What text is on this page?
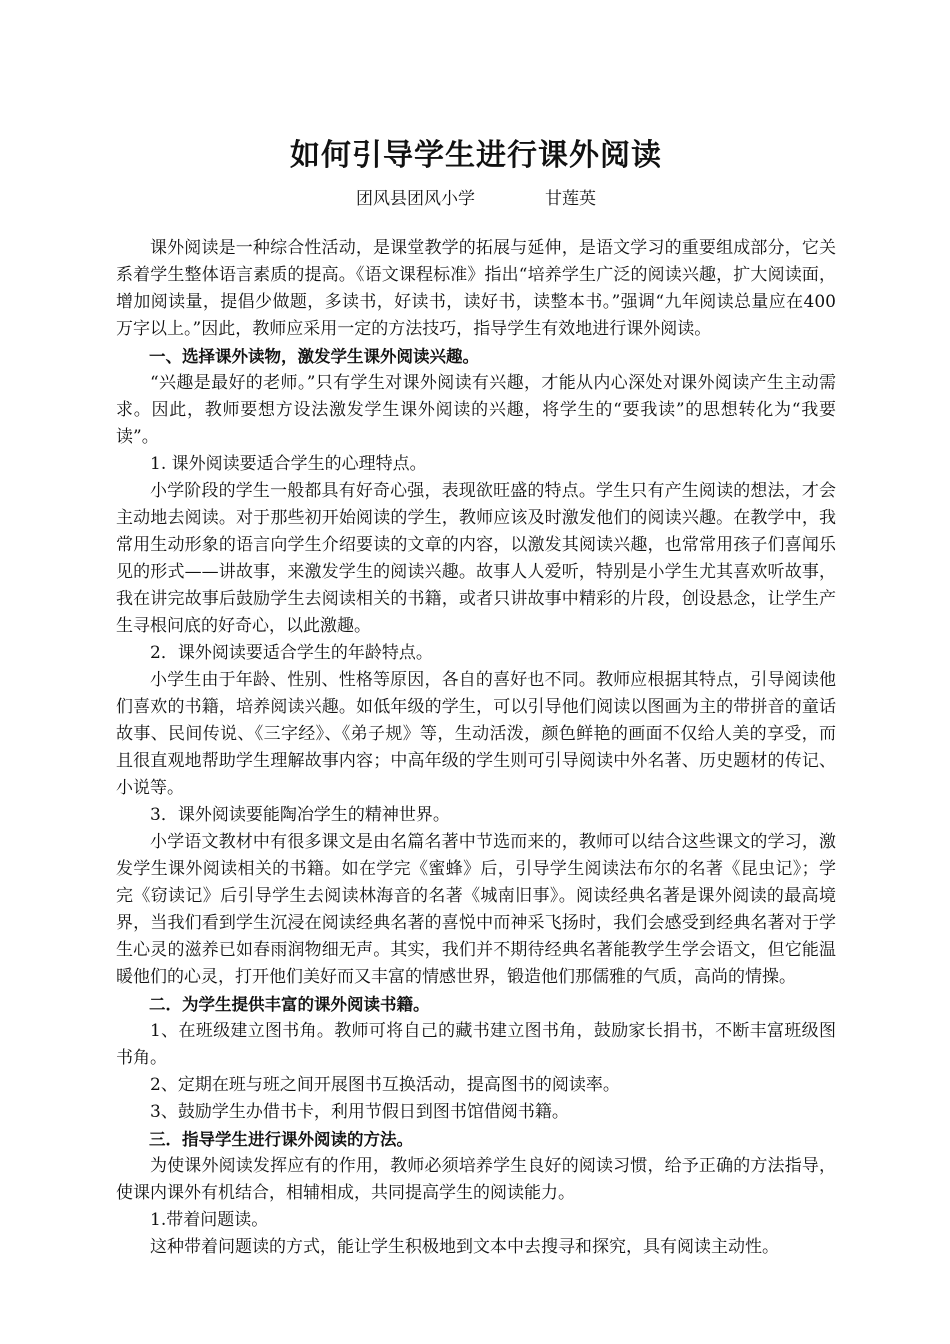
如何引导学生进行课外阅读
团风县团风小学	甘莲英

课外阅读是一种综合性活动，是课堂教学的拓展与延伸，是语文学习的重要组成部分，它关系着学生整体语言素质的提高。《语文课程标准》指出“培养学生广泛的阅读兴趣，扩大阅读面，增加阅读量，提倡少做题，多读书，好读书，读好书，读整本书。”强调“九年阅读总量应在400万字以上。”因此，教师应采用一定的方法技巧，指导学生有效地进行课外阅读。

一、选择课外读物，激发学生课外阅读兴趣。

“兴趣是最好的老师。”只有学生对课外阅读有兴趣，才能从内心深处对课外阅读产生主动需求。因此，教师要想方设法激发学生课外阅读的兴趣，将学生的“要我读”的思想转化为“我要读”。

1. 课外阅读要适合学生的心理特点。

小学阶段的学生一般都具有好奇心强，表现欲旺盛的特点。学生只有产生阅读的想法，才会主动地去阅读。对于那些初开始阅读的学生，教师应该及时激发他们的阅读兴趣。在教学中，我常用生动形象的语言向学生介绍要读的文章的内容，以激发其阅读兴趣，也常常用孩子们喜闻乐见的形式——讲故事，来激发学生的阅读兴趣。故事人人爱听，特别是小学生尤其喜欢听故事，我在讲完故事后鼓励学生去阅读相关的书籍，或者只讲故事中精彩的片段，创设悬念，让学生产生寻根问底的好奇心，以此激趣。

2．课外阅读要适合学生的年龄特点。

小学生由于年龄、性别、性格等原因，各自的喜好也不同。教师应根据其特点，引导阅读他们喜欢的书籍，培养阅读兴趣。如低年级的学生，可以引导他们阅读以图画为主的带拼音的童话故事、民间传说、《三字经》、《弟子规》等，生动活泼，颜色鲜艳的画面不仅给人美的享受，而且很直观地帮助学生理解故事内容；中高年级的学生则可引导阅读中外名著、历史题材的传记、小说等。

3．课外阅读要能陶冶学生的精神世界。

小学语文教材中有很多课文是由名篇名著中节选而来的，教师可以结合这些课文的学习，激发学生课外阅读相关的书籍。如在学完《蜜蜂》后，引导学生阅读法布尔的名著《昆虫记》；学完《窃读记》后引导学生去阅读林海音的名著《城南旧事》。阅读经典名著是课外阅读的最高境界，当我们看到学生沉浸在阅读经典名著的喜悦中而神采飞扬时，我们会感受到经典名著对于学生心灵的滋养已如春雨润物细无声。其实，我们并不期待经典名著能教学生学会语文，但它能温暖他们的心灵，打开他们美好而又丰富的情感世界，锻造他们那儒雅的气质，高尚的情操。

二．为学生提供丰富的课外阅读书籍。

1、在班级建立图书角。教师可将自己的藏书建立图书角，鼓励家长捐书，不断丰富班级图书角。

2、定期在班与班之间开展图书互换活动，提高图书的阅读率。

3、鼓励学生办借书卡，利用节假日到图书馆借阅书籍。

三．指导学生进行课外阅读的方法。

为使课外阅读发挥应有的作用，教师必须培养学生良好的阅读习惯，给予正确的方法指导，使课内课外有机结合，相辅相成，共同提高学生的阅读能力。

1.带着问题读。

这种带着问题读的方式，能让学生积极地到文本中去搜寻和探究，具有阅读主动性。
